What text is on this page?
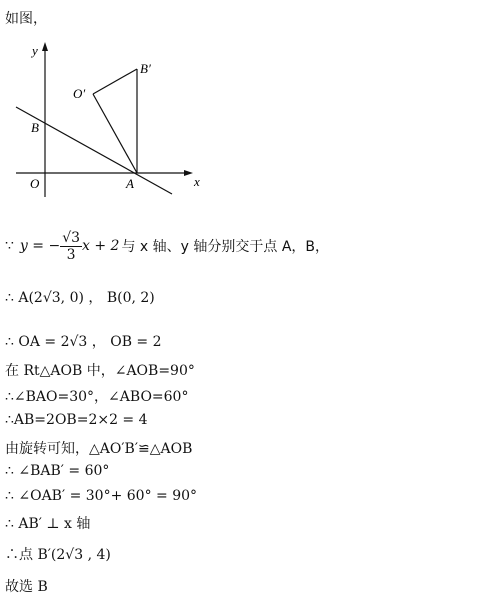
如图，
y
x
O	A
B
O′
B′
∵ y = − $\frac{√3}{3}$ x + 2 与 x 轴、y 轴分别交于点 A，B，
∴ A(2√3, 0) ， B(0, 2)
∴ OA = 2√3 ， OB = 2
在 Rt△AOB 中，∠AOB=90°
∴∠BAO=30°，∠ABO=60°
∴AB=2OB=2×2 = 4
由旋转可知，△AO′B′≌△AOB
∴ ∠BAB′ = 60°
∴ ∠OAB′ = 30°+ 60° = 90°
∴ AB′ ⊥ x 轴
∴点 B′(2√3 , 4)
故选 B
